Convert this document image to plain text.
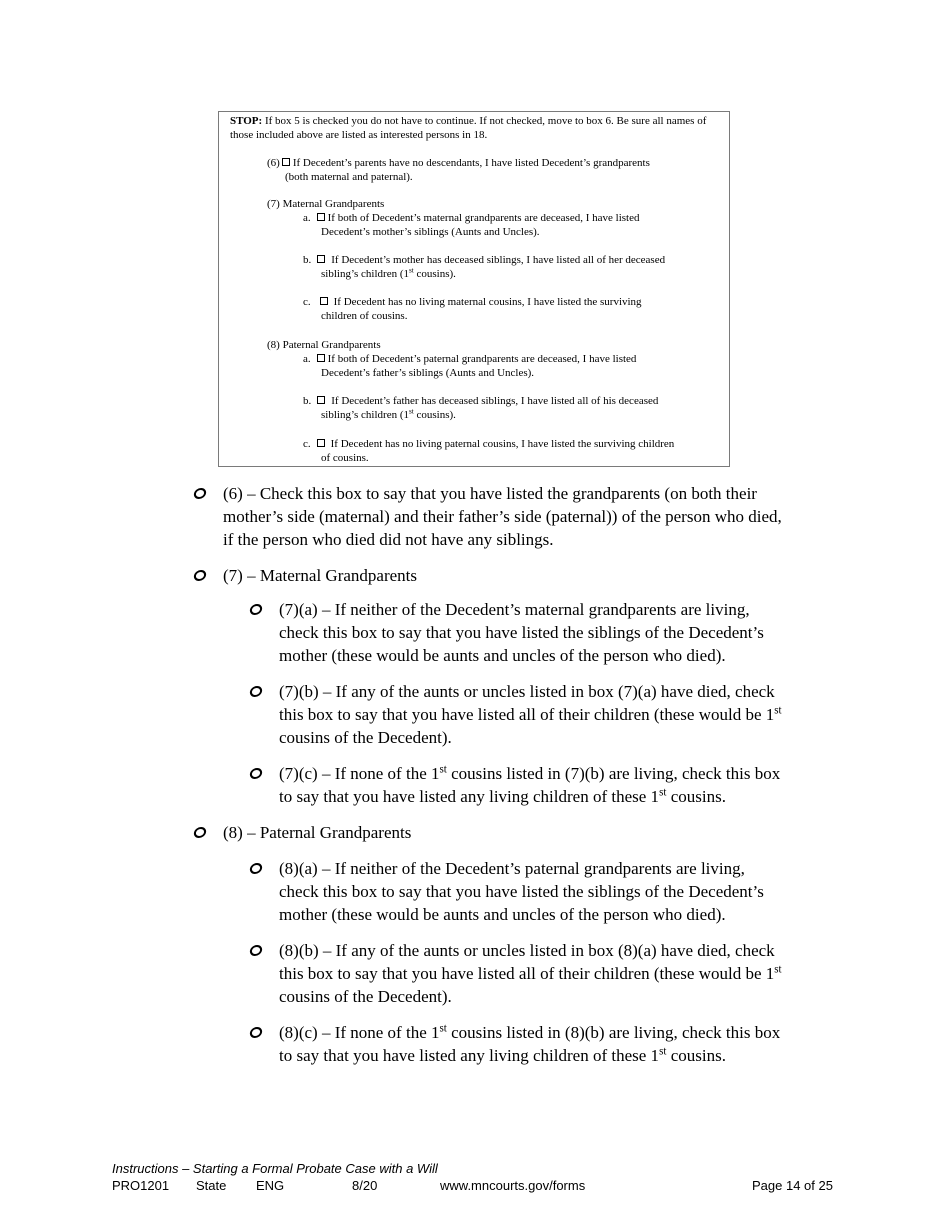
STOP: If box 5 is checked you do not have to continue. If not checked, move to box 6. Be sure all names of those included above are listed as interested persons in 18.
(6) If Decedent’s parents have no descendants, I have listed Decedent’s grandparents
(both maternal and paternal).
(7) Maternal Grandparents
a. If both of Decedent’s maternal grandparents are deceased, I have listed
Decedent’s mother’s siblings (Aunts and Uncles).
b. If Decedent’s mother has deceased siblings, I have listed all of her deceased
sibling’s children (1st cousins).
c. If Decedent has no living maternal cousins, I have listed the surviving
children of cousins.
(8) Paternal Grandparents
a. If both of Decedent’s paternal grandparents are deceased, I have listed
Decedent’s father’s siblings (Aunts and Uncles).
b. If Decedent’s father has deceased siblings, I have listed all of his deceased
sibling’s children (1st cousins).
c. If Decedent has no living paternal cousins, I have listed the surviving children
of cousins.
(6) – Check this box to say that you have listed the grandparents (on both their
mother’s side (maternal) and their father’s side (paternal)) of the person who died,
if the person who died did not have any siblings.
(7) – Maternal Grandparents
(7)(a) – If neither of the Decedent’s maternal grandparents are living,
check this box to say that you have listed the siblings of the Decedent’s
mother (these would be aunts and uncles of the person who died).
(7)(b) – If any of the aunts or uncles listed in box (7)(a) have died, check
this box to say that you have listed all of their children (these would be 1st
cousins of the Decedent).
(7)(c) – If none of the 1st cousins listed in (7)(b) are living, check this box
to say that you have listed any living children of these 1st cousins.
(8) – Paternal Grandparents
(8)(a) – If neither of the Decedent’s paternal grandparents are living,
check this box to say that you have listed the siblings of the Decedent’s
mother (these would be aunts and uncles of the person who died).
(8)(b) – If any of the aunts or uncles listed in box (8)(a) have died, check
this box to say that you have listed all of their children (these would be 1st
cousins of the Decedent).
(8)(c) – If none of the 1st cousins listed in (8)(b) are living, check this box
to say that you have listed any living children of these 1st cousins.
Instructions – Starting a Formal Probate Case with a Will
PRO1201 State ENG	8/20	www.mncourts.gov/forms	Page 14 of 25
